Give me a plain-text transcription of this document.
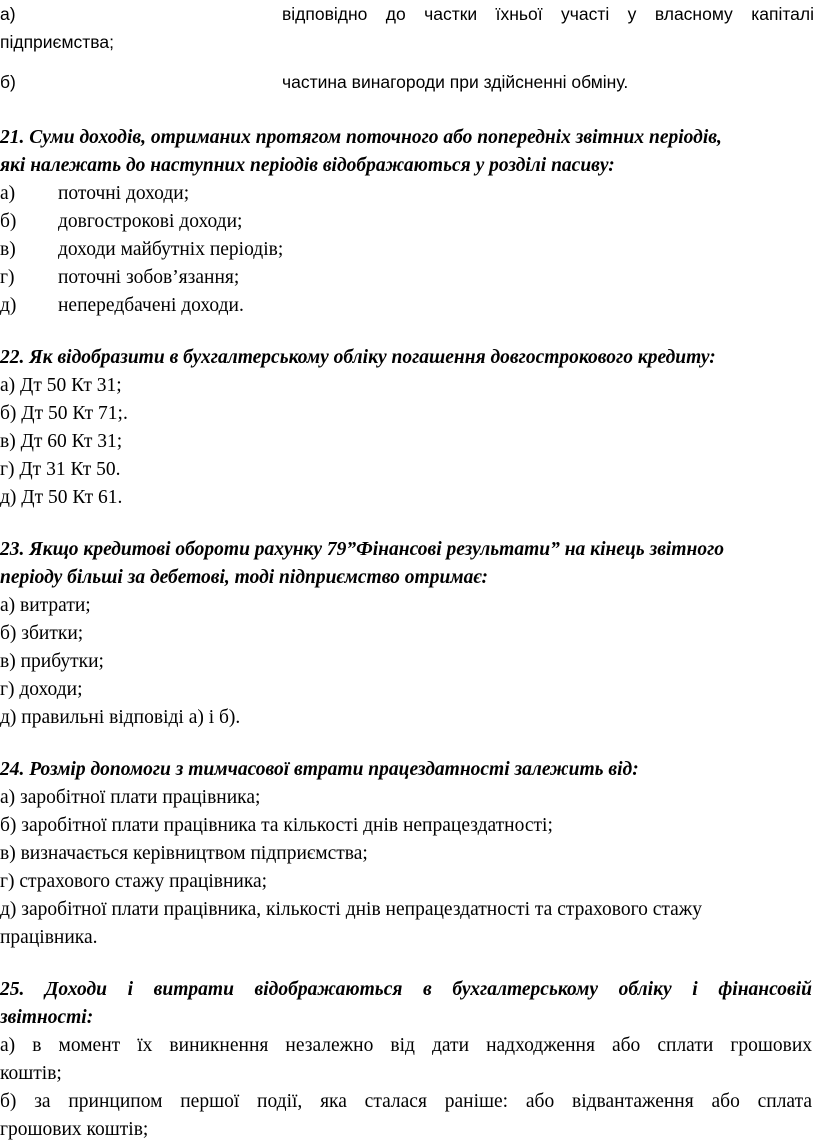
а)	відповідно до частки їхньої участі у власному капіталі
підприємства;
б)	частина винагороди при здійсненні обміну.
21. Суми доходів, отриманих протягом поточного або попередніх звітних періодів,
які належать до наступних періодів відображаються у розділі пасиву:
а) поточні доходи;
б) довгострокові доходи;
в) доходи майбутніх періодів;
г) поточні зобов’язання;
д) непередбачені доходи.
22. Як відобразити в бухгалтерському обліку погашення довгострокового кредиту:
а) Дт 50 Кт 31;
б) Дт 50 Кт 71;.
в) Дт 60 Кт 31;
г) Дт 31 Кт 50.
д) Дт 50 Кт 61.
23. Якщо кредитові обороти рахунку 79”Фінансові результати” на кінець звітного
періоду більші за дебетові, тоді підприємство отримає:
а) витрати;
б) збитки;
в) прибутки;
г) доходи;
д) правильні відповіді а) і б).
24. Розмір допомоги з тимчасової втрати працездатності залежить від:
а) заробітної плати працівника;
б) заробітної плати працівника та кількості днів непрацездатності;
в) визначається керівництвом підприємства;
г) страхового стажу працівника;
д) заробітної плати працівника, кількості днів непрацездатності та страхового стажу
працівника.
25. Доходи і витрати відображаються в бухгалтерському обліку і фінансовій
звітності:
а) в момент їх виникнення незалежно від дати надходження або сплати грошових
коштів;
б) за принципом першої події, яка сталася раніше: або відвантаження або сплата
грошових коштів;
